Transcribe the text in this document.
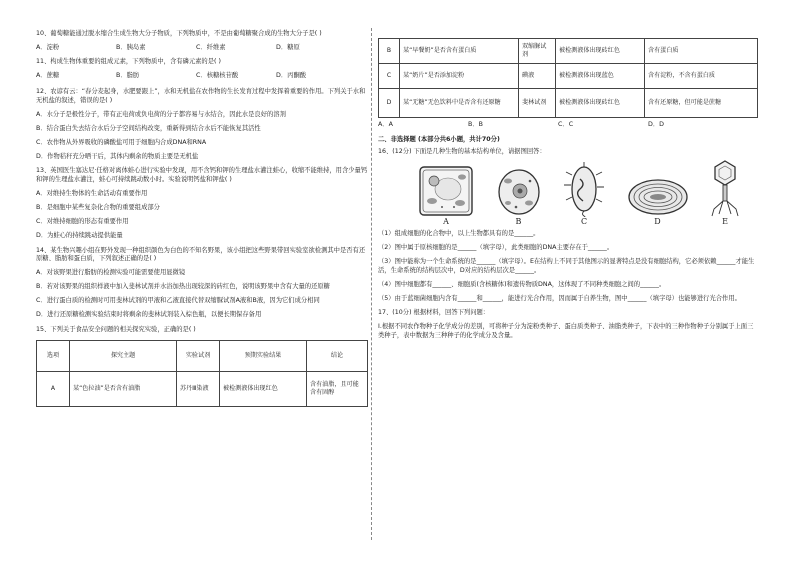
10、葡萄糖能通过脱水缩合生成生物大分子物质，下列物质中，不是由葡萄糖聚合成的生物大分子是( )

A．淀粉	B．胰岛素	C．纤维素	D．糖原

11、构成生物体重要的组成元素，下列物质中，含有磷元素的是( )

A．蔗糖	B．脂肪	C．核糖核苷酸	D．丙酮酸

12、农谚有云：“春分麦起身，水肥要跟上”，水和无机盐在农作物的生长发育过程中发挥着重要的作用。下列关于水和无机盐的叙述，错误的是( )

A．水分子是极性分子，带有正电荷或负电荷的分子都容易与水结合，因此水是良好的溶剂

B．结合蛋白失去结合水后分子空间结构改变，重新得到结合水后不能恢复其活性

C．农作物从外界吸收的磷酸盐可用于细胞内合成DNA和RNA

D．作物秸秆充分晒干后，其体内剩余的物质主要是无机盐

13、英国医生塞达尼·任格对离体蛙心进行实验中发现，用不含钙和钾的生理盐水灌注蛙心，收缩不能维持，用含少量钙和钾的生理盐水灌注，蛙心可持续跳动数小时。实验说明钙盐和钾盐( )

A．对维持生物体的生命活动有重要作用

B．是细胞中某些复杂化合物的重要组成部分

C．对维持细胞的形态有重要作用

D．为蛙心的持续跳动提供能量

14、某生物兴趣小组在野外发现一种组织颜色为白色的不知名野果，该小组把这些野果带回实验室欲检测其中是否有还原糖、脂肪和蛋白质，下列叙述正确的是( )

A．对该野果进行脂肪的检测实验可能需要使用显微镜

B．若对该野果的组织样液中加入斐林试剂并水浴加热出现较深的砖红色，说明该野果中含有大量的还原糖

C．进行蛋白质的检测时可用斐林试剂的甲液和乙液直接代替双缩脲试剂A液和B液，因为它们成分相同

D．进行还原糖检测实验结束时将剩余的斐林试剂装入棕色瓶，以便长期保存备用

15、下列关于食品安全问题的相关探究实验，正确的是( )

选项	探究主题	实验试剂	预期实验结果	结论
A	某“色拉油”是否含有油脂	苏丹Ⅲ染液	被检测液体出现红色	含有油脂，且可能含有固醇
B	某“早餐奶”是否含有蛋白质	双缩脲试剂	被检测液体出现砖红色	含有蛋白质
C	某“奶片”是否添加淀粉	碘液	被检测液体出现蓝色	含有淀粉，不含有蛋白质
D	某“无糖”无色饮料中是否含有还原糖	斐林试剂	被检测液体出现砖红色	含有还原糖，但可能是蔗糖
A．A	B．B	C．C	D．D

二、非选择题 (本部分共6小题，共计70分)

16、(12分) 下面是几种生物的基本结构单位，请据图回答：

A	B	C	D	E

（1）组成细胞的化合物中，以上生物都具有的是______。

（2）图中属于原核细胞的是______（填字母），此类细胞的DNA主要存在于______。

（3）图中能称为一个生命系统的是______（填字母）。E在结构上不同于其他图示的显著特点是没有细胞结构，它必须依赖______才能生活，生命系统的结构层次中，D对应的结构层次是______。

（4）图中细胞都有______、细胞质(含核糖体)和遗传物质DNA，这体现了不同种类细胞之间的______。

（5）由于蓝细菌细胞内含有______和______，能进行光合作用，因而属于自养生物，图中______（填字母）也能够进行光合作用。

17、(10分) 根据材料，回答下列问题：

Ⅰ.根据不同农作物种子化学成分的差别，可将种子分为淀粉类种子、蛋白质类种子、油脂类种子，下表中的三种作物种子分别属于上面三类种子，表中数据为三种种子的化学成分及含量。
